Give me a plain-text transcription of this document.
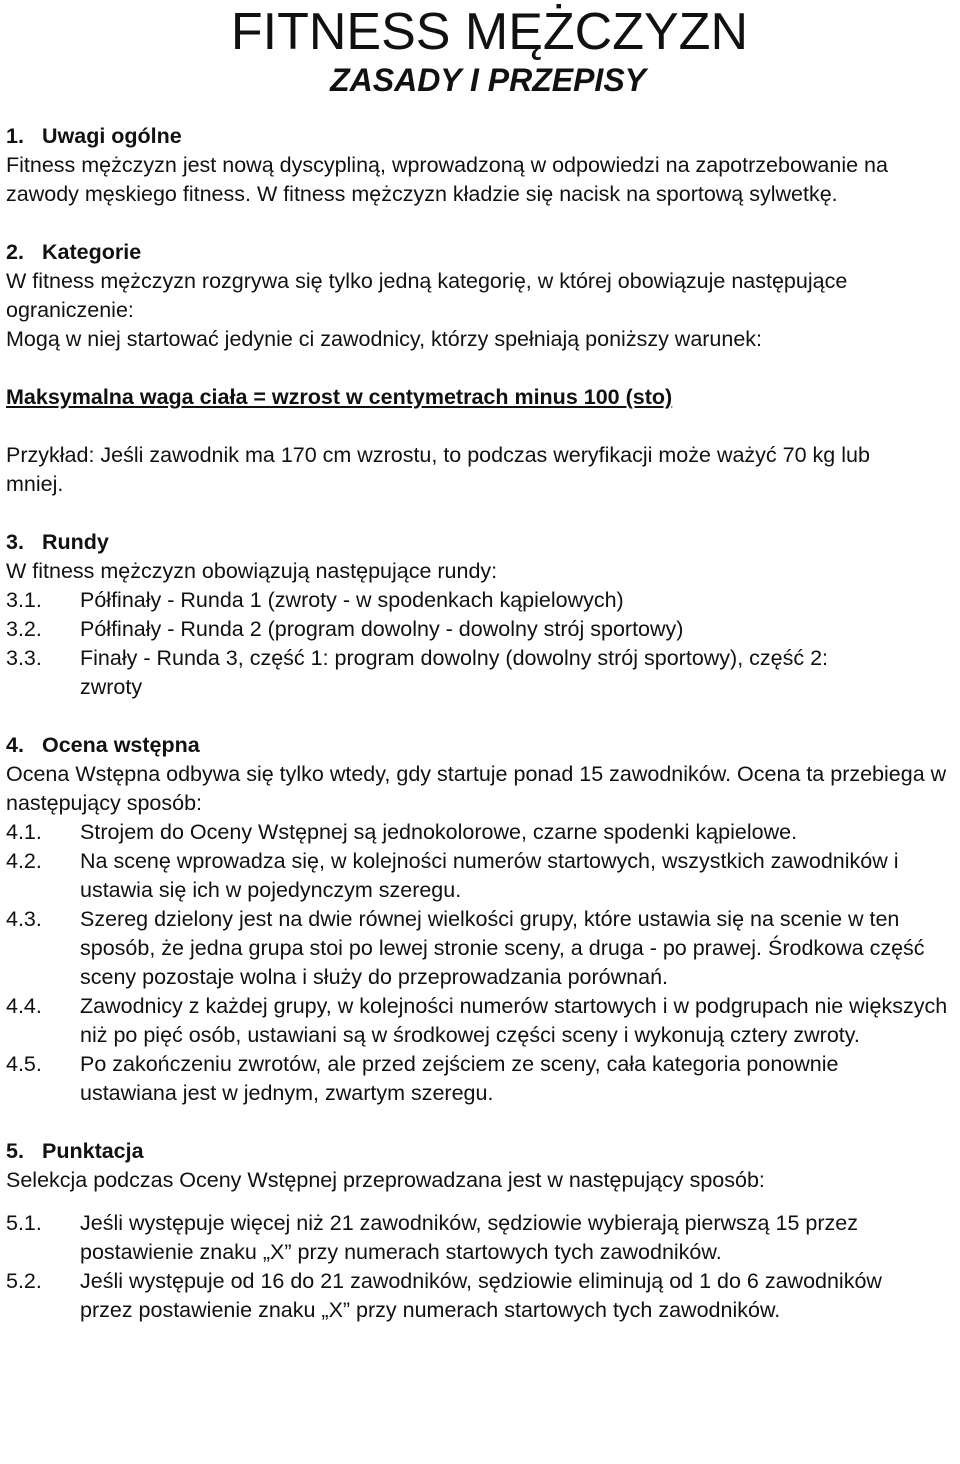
FITNESS MĘŻCZYZN
ZASADY I PRZEPISY
1. Uwagi ogólne

Fitness mężczyzn jest nową dyscypliną, wprowadzoną w odpowiedzi na zapotrzebowanie na zawody męskiego fitness. W fitness mężczyzn kładzie się nacisk na sportową sylwetkę.

2. Kategorie

W fitness mężczyzn rozgrywa się tylko jedną kategorię, w której obowiązuje następujące ograniczenie:

Mogą w niej startować jedynie ci zawodnicy, którzy spełniają poniższy warunek:

Maksymalna waga ciała = wzrost w centymetrach minus 100 (sto)

Przykład: Jeśli zawodnik ma 170 cm wzrostu, to podczas weryfikacji może ważyć 70 kg lub mniej.

3. Rundy

W fitness mężczyzn obowiązują następujące rundy:

3.1.	Półfinały - Runda 1 (zwroty - w spodenkach kąpielowych)
3.2.	Półfinały - Runda 2 (program dowolny - dowolny strój sportowy)
3.3.	Finały - Runda 3, część 1: program dowolny (dowolny strój sportowy), część 2: zwroty
4. Ocena wstępna

Ocena Wstępna odbywa się tylko wtedy, gdy startuje ponad 15 zawodników. Ocena ta przebiega w następujący sposób:

4.1.	Strojem do Oceny Wstępnej są jednokolorowe, czarne spodenki kąpielowe.
4.2.	Na scenę wprowadza się, w kolejności numerów startowych, wszystkich zawodników i ustawia się ich w pojedynczym szeregu.
4.3.	Szereg dzielony jest na dwie równej wielkości grupy, które ustawia się na scenie w ten sposób, że jedna grupa stoi po lewej stronie sceny, a druga - po prawej. Środkowa część sceny pozostaje wolna i służy do przeprowadzania porównań.
4.4.	Zawodnicy z każdej grupy, w kolejności numerów startowych i w podgrupach nie większych niż po pięć osób, ustawiani są w środkowej części sceny i wykonują cztery zwroty.
4.5.	Po zakończeniu zwrotów, ale przed zejściem ze sceny, cała kategoria ponownie ustawiana jest w jednym, zwartym szeregu.
5. Punktacja

Selekcja podczas Oceny Wstępnej przeprowadzana jest w następujący sposób:

5.1.	Jeśli występuje więcej niż 21 zawodników, sędziowie wybierają pierwszą 15 przez postawienie znaku „X” przy numerach startowych tych zawodników.
5.2.	Jeśli występuje od 16 do 21 zawodników, sędziowie eliminują od 1 do 6 zawodników przez postawienie znaku „X” przy numerach startowych tych zawodników.
